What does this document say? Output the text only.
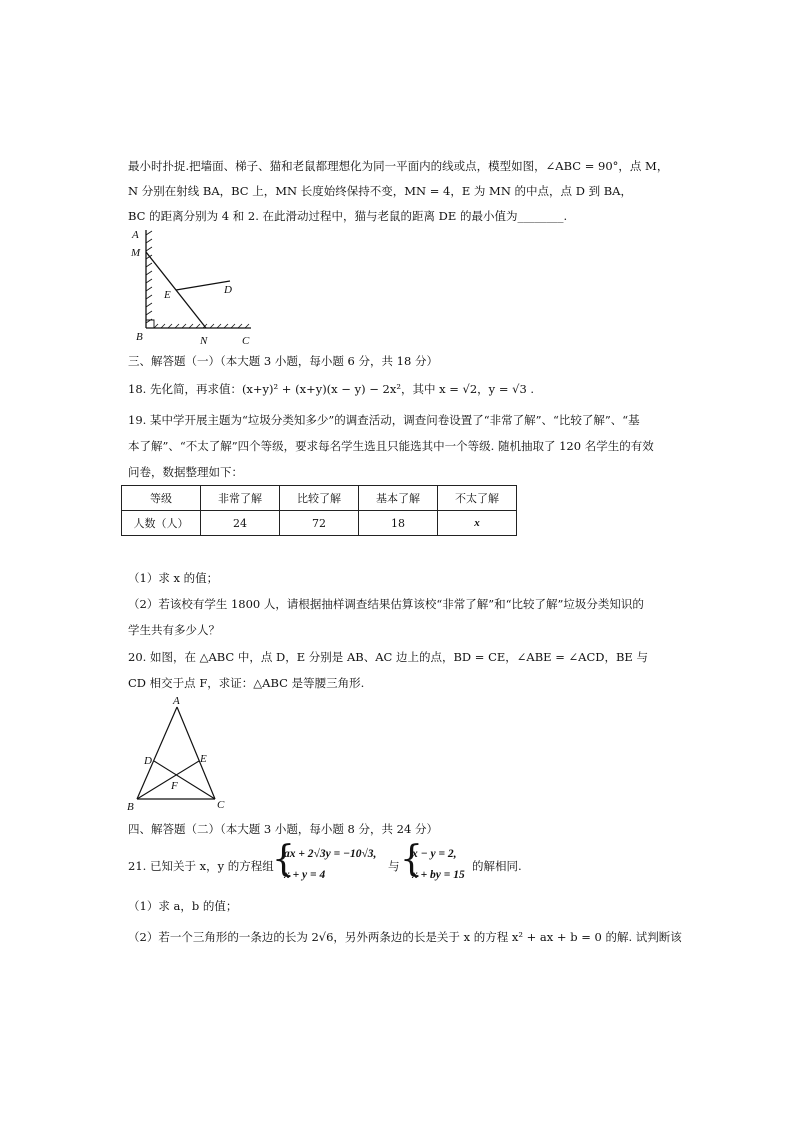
最小时扑捉.把墙面、梯子、猫和老鼠都理想化为同一平面内的线或点，模型如图，∠ABC = 90°，点 M，
N 分别在射线 BA，BC 上，MN 长度始终保持不变，MN = 4，E 为 MN 的中点，点 D 到 BA，
BC 的距离分别为 4 和 2. 在此滑动过程中，猫与老鼠的距离 DE 的最小值为________.
A
M
E	D
B	N	C
三、解答题（一）（本大题 3 小题，每小题 6 分，共 18 分）
18. 先化简，再求值：(x+y)² + (x+y)(x − y) − 2x²，其中 x = √2，y = √3 .
19. 某中学开展主题为“垃圾分类知多少”的调查活动，调查问卷设置了“非常了解”、“比较了解”、“基
本了解”、“不太了解”四个等级，要求每名学生选且只能选其中一个等级. 随机抽取了 120 名学生的有效
问卷，数据整理如下：
等级	非常了解	比较了解	基本了解	不太了解
人数（人）	24	72	18	x
（1）求 x 的值；
（2）若该校有学生 1800 人，请根据抽样调查结果估算该校“非常了解”和“比较了解”垃圾分类知识的
学生共有多少人？
20. 如图，在 △ABC 中，点 D，E 分别是 AB、AC 边上的点，BD = CE，∠ABE = ∠ACD，BE 与
CD 相交于点 F，求证：△ABC 是等腰三角形.
A
D	E
F
B	C
四、解答题（二）（本大题 3 小题，每小题 8 分，共 24 分）
21. 已知关于 x，y 的方程组
{
ax + 2√3y = −10√3,
x + y = 4
与 {
x − y = 2,
x + by = 15
的解相同.
（1）求 a，b 的值；
（2）若一个三角形的一条边的长为 2√6，另外两条边的长是关于 x 的方程 x² + ax + b = 0 的解. 试判断该
